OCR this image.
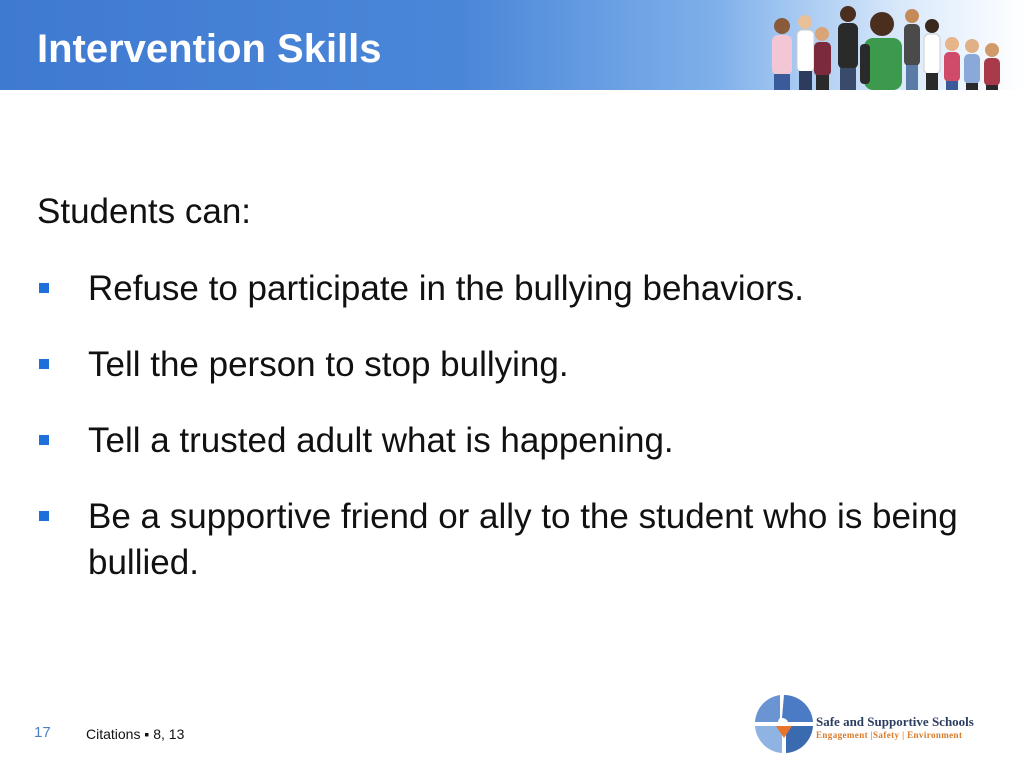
Intervention Skills

Students can:

Refuse to participate in the bullying behaviors.
Tell the person to stop bullying.
Tell a trusted adult what is happening.
Be a supportive friend or ally to the student who is being bullied.
17	Citations ▪ 8, 13
Safe and Supportive Schools
Engagement |Safety | Environment
